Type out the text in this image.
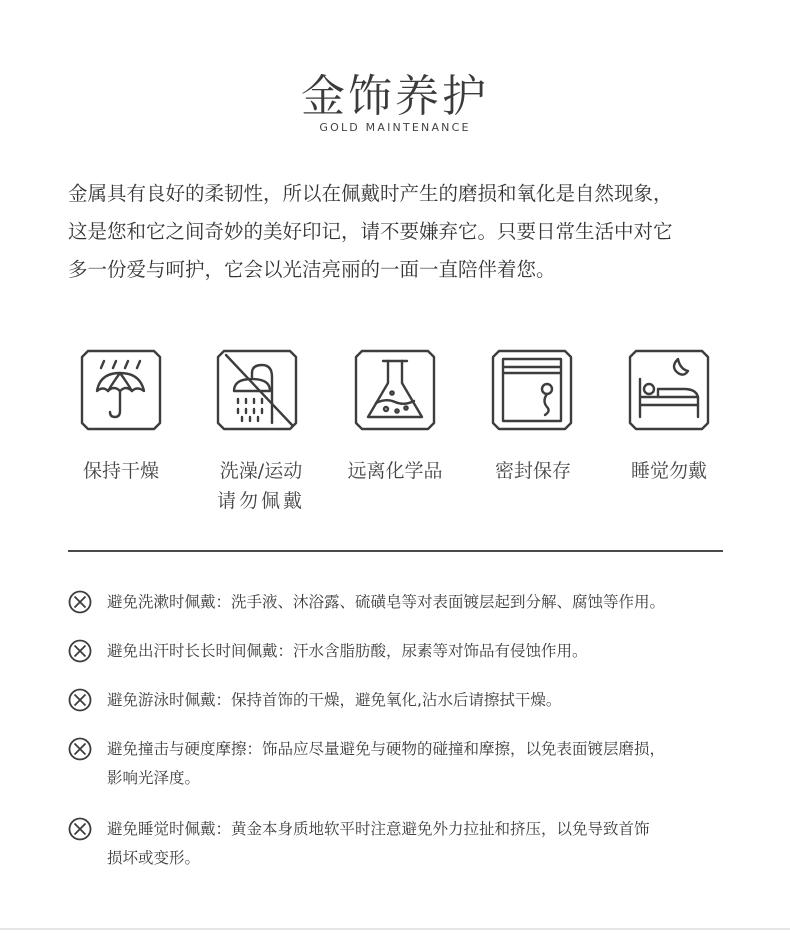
金饰养护
GOLD MAINTENANCE
金属具有良好的柔韧性，所以在佩戴时产生的磨损和氧化是自然现象，
这是您和它之间奇妙的美好印记，请不要嫌弃它。只要日常生活中对它
多一份爱与呵护，它会以光洁亮丽的一面一直陪伴着您。
保持干燥	洗澡/运动
请勿佩戴
远离化学品	密封保存	睡觉勿戴
避免洗漱时佩戴：洗手液、沐浴露、硫磺皂等对表面镀层起到分解、腐蚀等作用。
避免出汗时长长时间佩戴：汗水含脂肪酸，尿素等对饰品有侵蚀作用。
避免游泳时佩戴：保持首饰的干燥，避免氧化,沾水后请擦拭干燥。
避免撞击与硬度摩擦：饰品应尽量避免与硬物的碰撞和摩擦，以免表面镀层磨损，
影响光泽度。
避免睡觉时佩戴：黄金本身质地软平时注意避免外力拉扯和挤压，以免导致首饰
损坏或变形。
